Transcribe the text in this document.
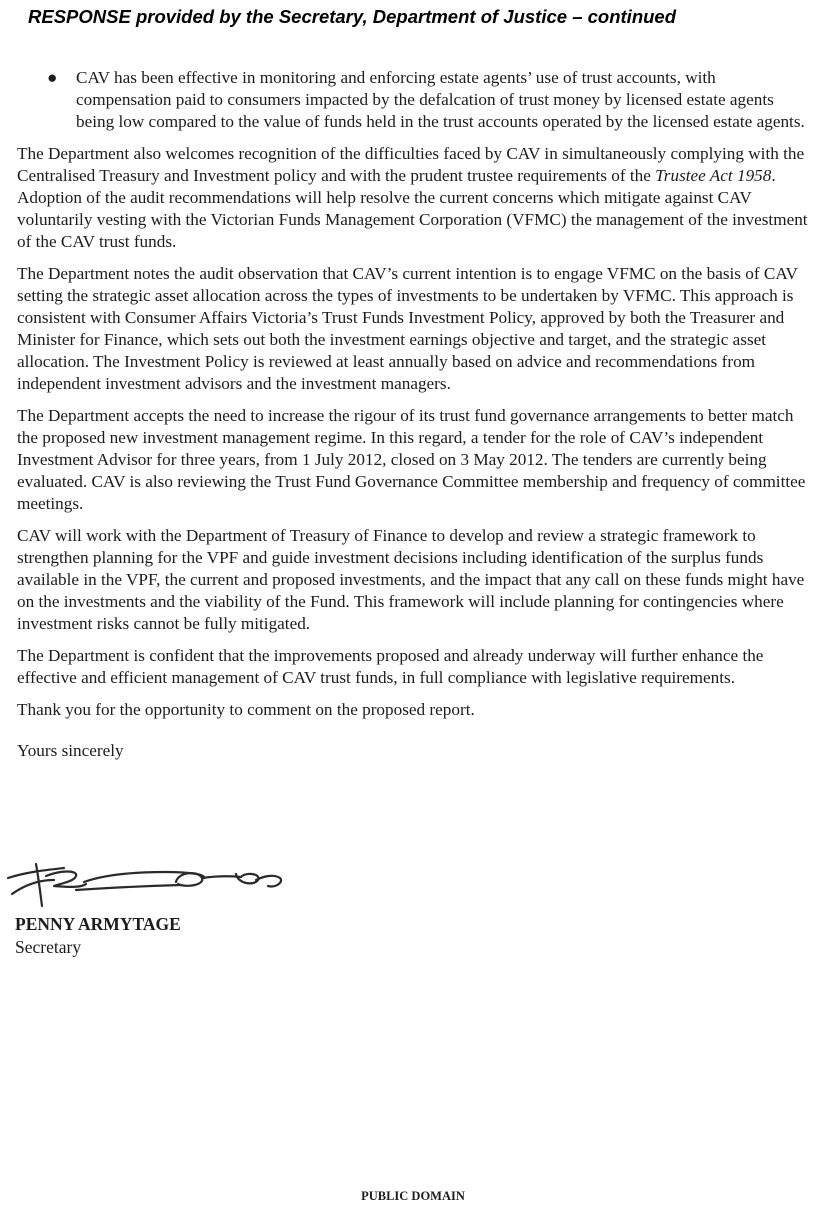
RESPONSE provided by the Secretary, Department of Justice – continued
● CAV has been effective in monitoring and enforcing estate agents’ use of trust accounts, with compensation paid to consumers impacted by the defalcation of trust money by licensed estate agents being low compared to the value of funds held in the trust accounts operated by the licensed estate agents.

The Department also welcomes recognition of the difficulties faced by CAV in simultaneously complying with the Centralised Treasury and Investment policy and with the prudent trustee requirements of the Trustee Act 1958. Adoption of the audit recommendations will help resolve the current concerns which mitigate against CAV voluntarily vesting with the Victorian Funds Management Corporation (VFMC) the management of the investment of the CAV trust funds.

The Department notes the audit observation that CAV’s current intention is to engage VFMC on the basis of CAV setting the strategic asset allocation across the types of investments to be undertaken by VFMC. This approach is consistent with Consumer Affairs Victoria’s Trust Funds Investment Policy, approved by both the Treasurer and Minister for Finance, which sets out both the investment earnings objective and target, and the strategic asset allocation. The Investment Policy is reviewed at least annually based on advice and recommendations from independent investment advisors and the investment managers.

The Department accepts the need to increase the rigour of its trust fund governance arrangements to better match the proposed new investment management regime. In this regard, a tender for the role of CAV’s independent Investment Advisor for three years, from 1 July 2012, closed on 3 May 2012. The tenders are currently being evaluated. CAV is also reviewing the Trust Fund Governance Committee membership and frequency of committee meetings.

CAV will work with the Department of Treasury of Finance to develop and review a strategic framework to strengthen planning for the VPF and guide investment decisions including identification of the surplus funds available in the VPF, the current and proposed investments, and the impact that any call on these funds might have on the investments and the viability of the Fund. This framework will include planning for contingencies where investment risks cannot be fully mitigated.

The Department is confident that the improvements proposed and already underway will further enhance the effective and efficient management of CAV trust funds, in full compliance with legislative requirements.

Thank you for the opportunity to comment on the proposed report.

Yours sincerely

PENNY ARMYTAGE
Secretary
PUBLIC DOMAIN
